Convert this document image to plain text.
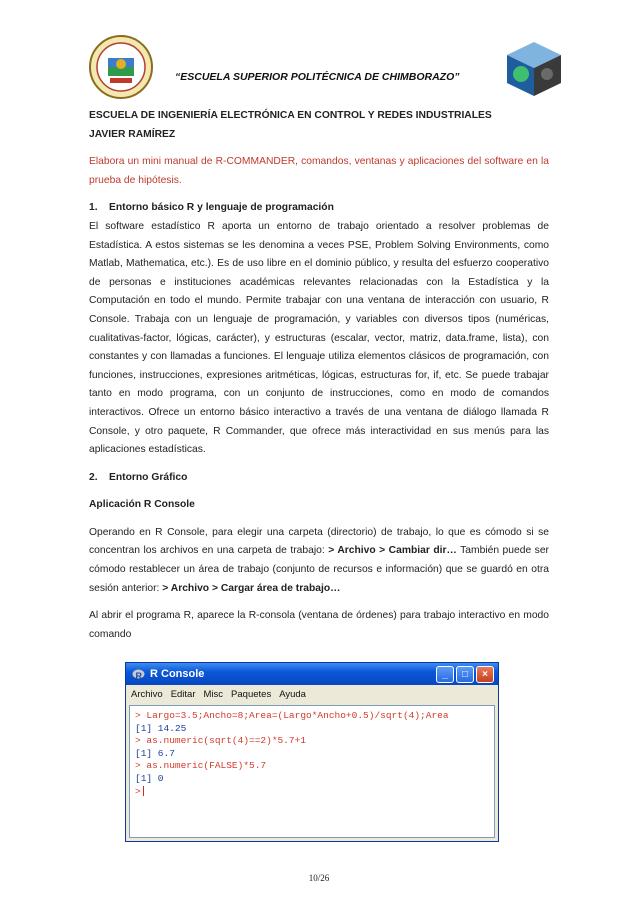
“ESCUELA SUPERIOR POLITÉCNICA DE CHIMBORAZO”

ESCUELA DE INGENIERÍA ELECTRÓNICA EN CONTROL Y REDES INDUSTRIALES

JAVIER RAMÍREZ

Elabora un mini manual de R-COMMANDER, comandos, ventanas y aplicaciones del software en la prueba de hipótesis.

1. Entorno básico R y lenguaje de programación

El software estadístico R aporta un entorno de trabajo orientado a resolver problemas de Estadística. A estos sistemas se les denomina a veces PSE, Problem Solving Environments, como Matlab, Mathematica, etc.). Es de uso libre en el dominio público, y resulta del esfuerzo cooperativo de personas e instituciones académicas relevantes relacionadas con la Estadística y la Computación en todo el mundo. Permite trabajar con una ventana de interacción con usuario, R Console. Trabaja con un lenguaje de programación, y variables con diversos tipos (numéricas, cualitativas-factor, lógicas, carácter), y estructuras (escalar, vector, matriz, data.frame, lista), con constantes y con llamadas a funciones. El lenguaje utiliza elementos clásicos de programación, con funciones, instrucciones, expresiones aritméticas, lógicas, estructuras for, if, etc. Se puede trabajar tanto en modo programa, con un conjunto de instrucciones, como en modo de comandos interactivos. Ofrece un entorno básico interactivo a través de una ventana de diálogo llamada R Console, y otro paquete, R Commander, que ofrece más interactividad en sus menús para las aplicaciones estadísticas.

2. Entorno Gráfico

Aplicación R Console

Operando en R Console, para elegir una carpeta (directorio) de trabajo, lo que es cómodo si se concentran los archivos en una carpeta de trabajo: > Archivo > Cambiar dir… También puede ser cómodo restablecer un área de trabajo (conjunto de recursos e información) que se guardó en otra sesión anterior: > Archivo > Cargar área de trabajo…

Al abrir el programa R, aparece la R-consola (ventana de órdenes) para trabajo interactivo en modo comando

R R Console	_	□	×
Archivo Editar Misc Paquetes Ayuda
> Largo=3.5;Ancho=8;Area=(Largo*Ancho+0.5)/sqrt(4);Area
[1] 14.25
> as.numeric(sqrt(4)==2)*5.7+1
[1] 6.7
> as.numeric(FALSE)*5.7
[1] 0
>
10/26
